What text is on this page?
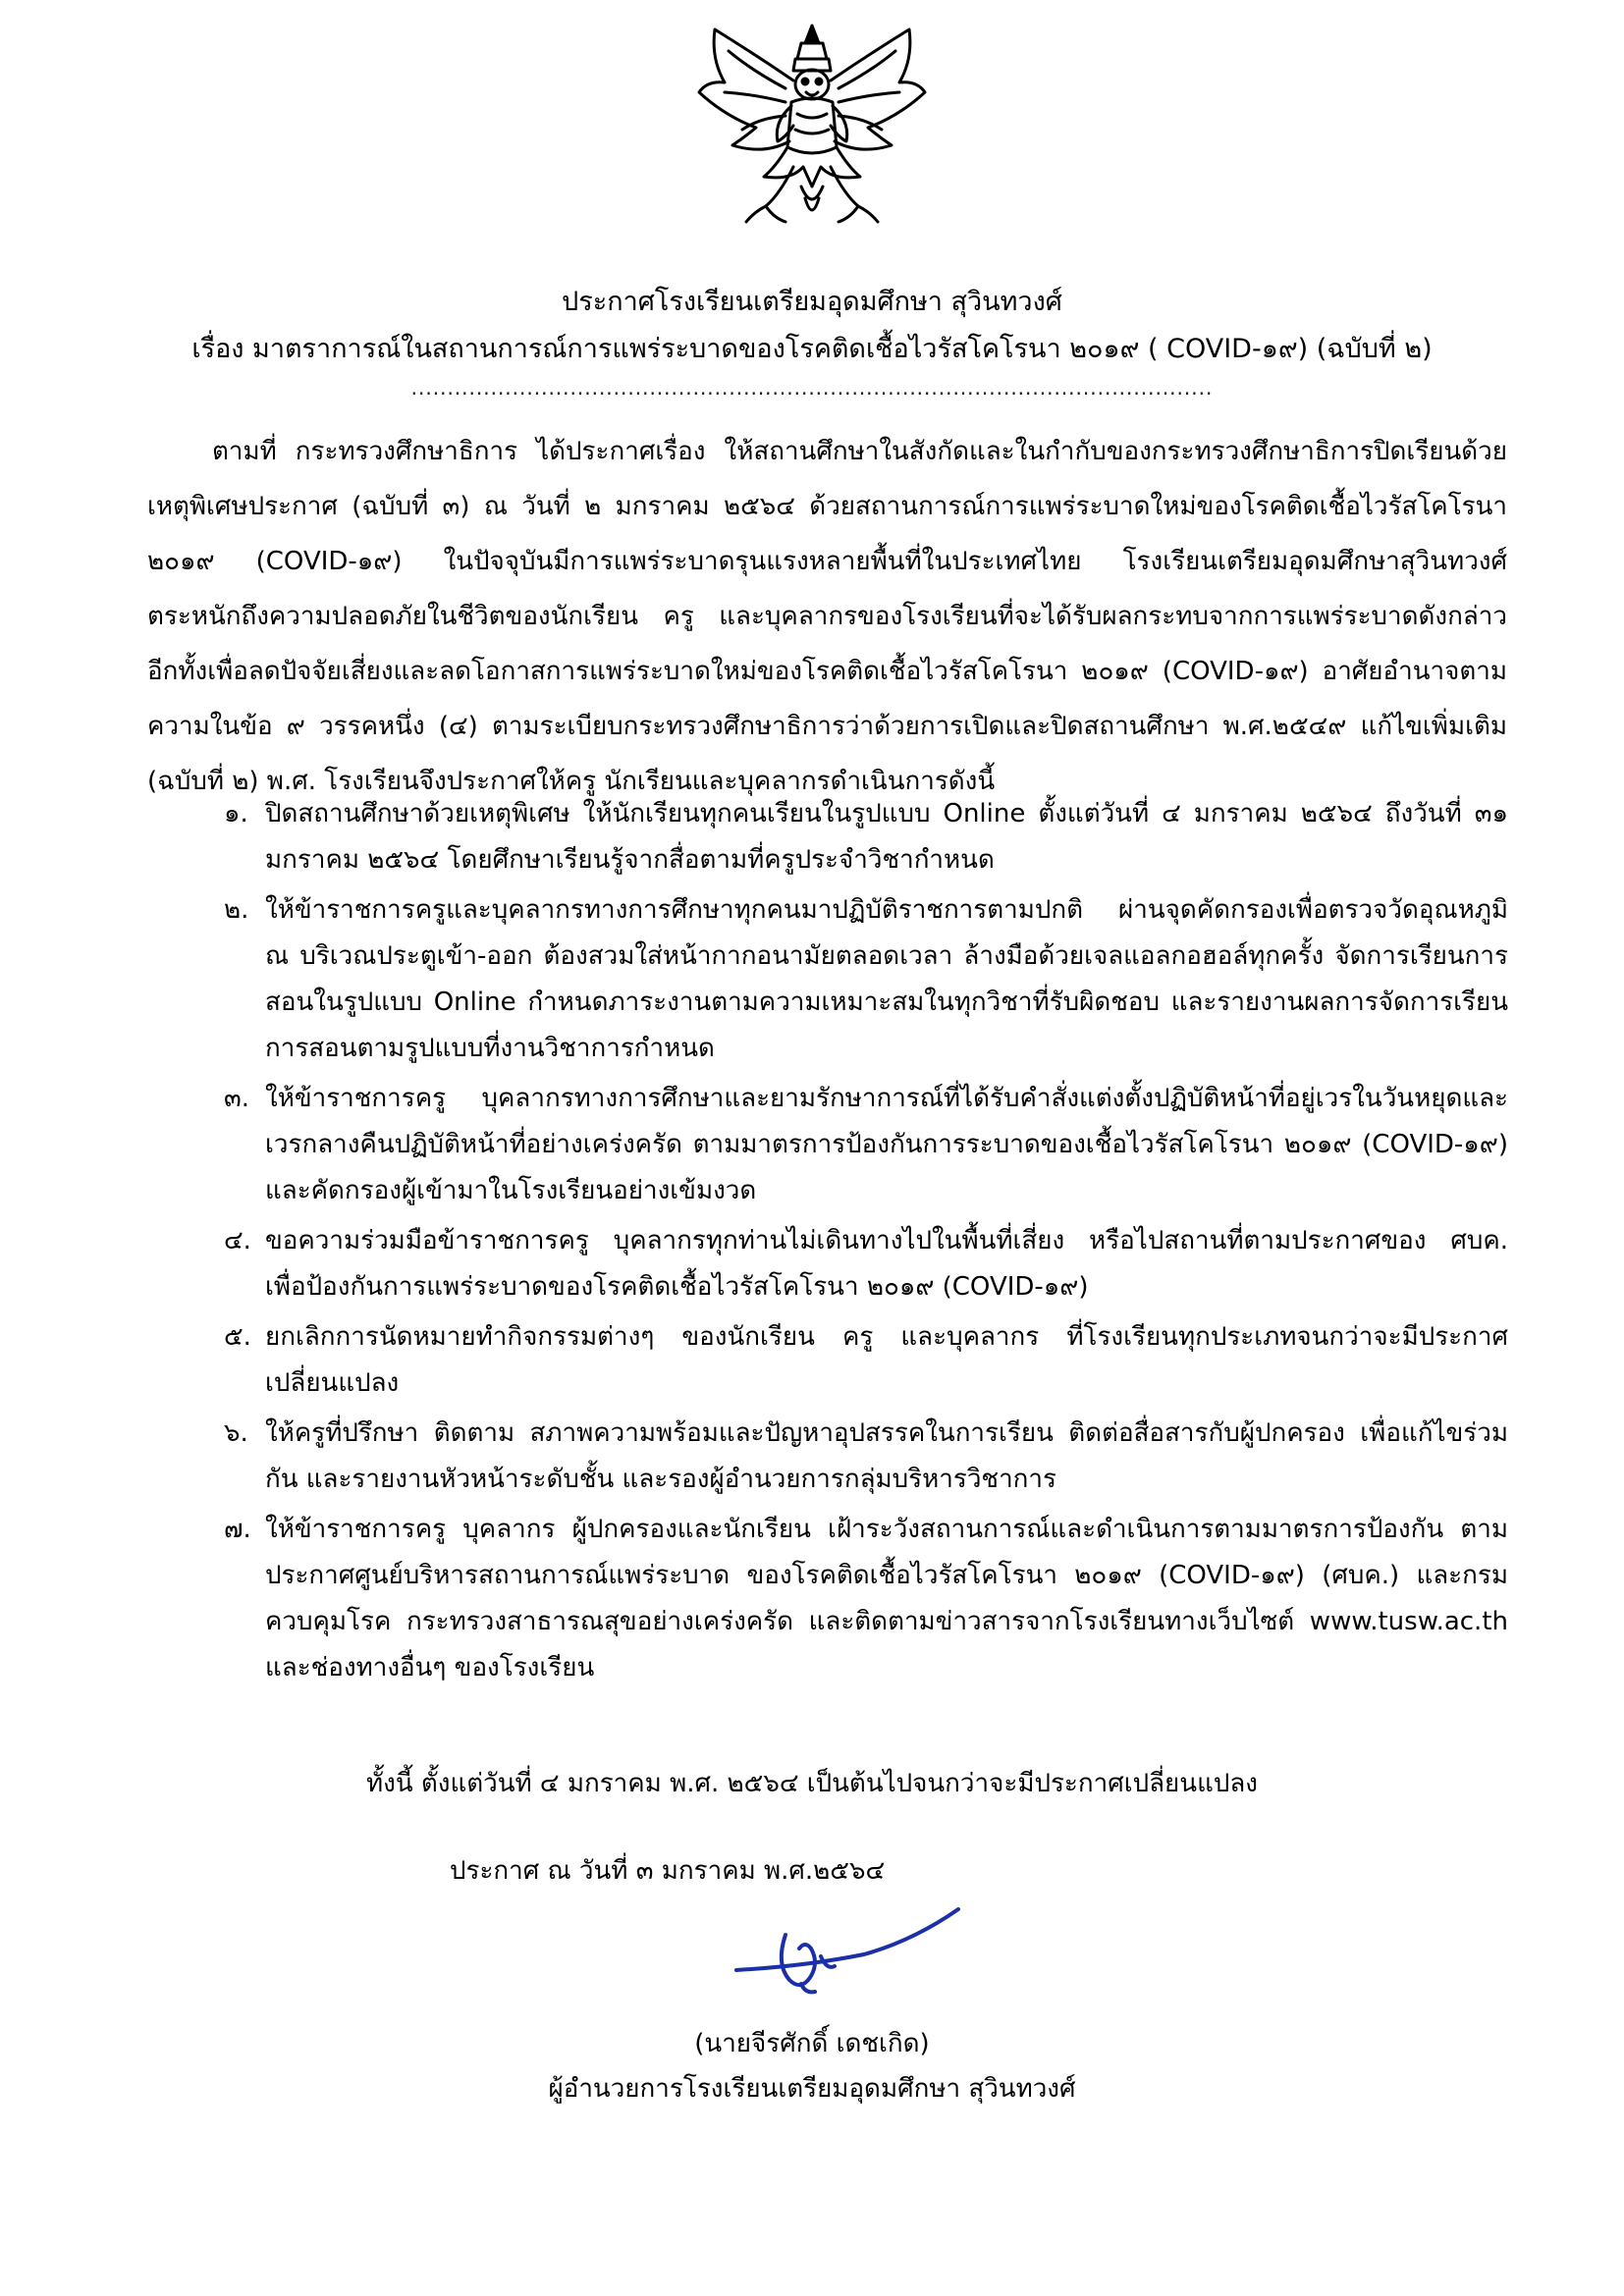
ประกาศโรงเรียนเตรียมอุดมศึกษา สุวินทวงศ์
เรื่อง มาตราการณ์ในสถานการณ์การแพร่ระบาดของโรคติดเชื้อไวรัสโคโรนา ๒๐๑๙ ( COVID-๑๙) (ฉบับที่ ๒)
...............................................................................................................
ตามที่ กระทรวงศึกษาธิการ ได้ประกาศเรื่อง ให้สถานศึกษาในสังกัดและในกำกับของกระทรวงศึกษาธิการปิดเรียนด้วยเหตุพิเศษประกาศ (ฉบับที่ ๓) ณ วันที่ ๒ มกราคม ๒๕๖๔ ด้วยสถานการณ์การแพร่ระบาดใหม่ของโรคติดเชื้อไวรัสโคโรนา ๒๐๑๙ (COVID-๑๙) ในปัจจุบันมีการแพร่ระบาดรุนแรงหลายพื้นที่ในประเทศไทย โรงเรียนเตรียมอุดมศึกษาสุวินทวงศ์ ตระหนักถึงความปลอดภัยในชีวิตของนักเรียน ครู และบุคลากรของโรงเรียนที่จะได้รับผลกระทบจากการแพร่ระบาดดังกล่าว อีกทั้งเพื่อลดปัจจัยเสี่ยงและลดโอกาสการแพร่ระบาดใหม่ของโรคติดเชื้อไวรัสโคโรนา ๒๐๑๙ (COVID-๑๙) อาศัยอำนาจตามความในข้อ ๙ วรรคหนึ่ง (๔) ตามระเบียบกระทรวงศึกษาธิการว่าด้วยการเปิดและปิดสถานศึกษา พ.ศ.๒๕๔๙ แก้ไขเพิ่มเติม (ฉบับที่ ๒) พ.ศ. โรงเรียนจึงประกาศให้ครู นักเรียนและบุคลากรดำเนินการดังนี้
๑. ปิดสถานศึกษาด้วยเหตุพิเศษ ให้นักเรียนทุกคนเรียนในรูปแบบ Online ตั้งแต่วันที่ ๔ มกราคม ๒๕๖๔ ถึงวันที่ ๓๑ มกราคม ๒๕๖๔ โดยศึกษาเรียนรู้จากสื่อตามที่ครูประจำวิชากำหนด
๒. ให้ข้าราชการครูและบุคลากรทางการศึกษาทุกคนมาปฏิบัติราชการตามปกติ ผ่านจุดคัดกรองเพื่อตรวจวัดอุณหภูมิ ณ บริเวณประตูเข้า-ออก ต้องสวมใส่หน้ากากอนามัยตลอดเวลา ล้างมือด้วยเจลแอลกอฮอล์ทุกครั้ง จัดการเรียนการสอนในรูปแบบ Online กำหนดภาระงานตามความเหมาะสมในทุกวิชาที่รับผิดชอบ และรายงานผลการจัดการเรียนการสอนตามรูปแบบที่งานวิชาการกำหนด
๓. ให้ข้าราชการครู บุคลากรทางการศึกษาและยามรักษาการณ์ที่ได้รับคำสั่งแต่งตั้งปฏิบัติหน้าที่อยู่เวรในวันหยุดและเวรกลางคืนปฏิบัติหน้าที่อย่างเคร่งครัด ตามมาตรการป้องกันการระบาดของเชื้อไวรัสโคโรนา ๒๐๑๙ (COVID-๑๙) และคัดกรองผู้เข้ามาในโรงเรียนอย่างเข้มงวด
๔. ขอความร่วมมือข้าราชการครู บุคลากรทุกท่านไม่เดินทางไปในพื้นที่เสี่ยง หรือไปสถานที่ตามประกาศของ ศบค. เพื่อป้องกันการแพร่ระบาดของโรคติดเชื้อไวรัสโคโรนา ๒๐๑๙ (COVID-๑๙)
๕. ยกเลิกการนัดหมายทำกิจกรรมต่างๆ ของนักเรียน ครู และบุคลากร ที่โรงเรียนทุกประเภทจนกว่าจะมีประกาศเปลี่ยนแปลง
๖. ให้ครูที่ปรึกษา ติดตาม สภาพความพร้อมและปัญหาอุปสรรคในการเรียน ติดต่อสื่อสารกับผู้ปกครอง เพื่อแก้ไขร่วมกัน และรายงานหัวหน้าระดับชั้น และรองผู้อำนวยการกลุ่มบริหารวิชาการ
๗. ให้ข้าราชการครู บุคลากร ผู้ปกครองและนักเรียน เฝ้าระวังสถานการณ์และดำเนินการตามมาตรการป้องกัน ตามประกาศศูนย์บริหารสถานการณ์แพร่ระบาด ของโรคติดเชื้อไวรัสโคโรนา ๒๐๑๙ (COVID-๑๙) (ศบค.) และกรมควบคุมโรค กระทรวงสาธารณสุขอย่างเคร่งครัด และติดตามข่าวสารจากโรงเรียนทางเว็บไซต์ www.tusw.ac.th และช่องทางอื่นๆ ของโรงเรียน
ทั้งนี้ ตั้งแต่วันที่ ๔ มกราคม พ.ศ. ๒๕๖๔ เป็นต้นไปจนกว่าจะมีประกาศเปลี่ยนแปลง
ประกาศ ณ วันที่ ๓ มกราคม พ.ศ.๒๕๖๔
(นายจีรศักดิ์ เดชเกิด)
ผู้อำนวยการโรงเรียนเตรียมอุดมศึกษา สุวินทวงศ์
